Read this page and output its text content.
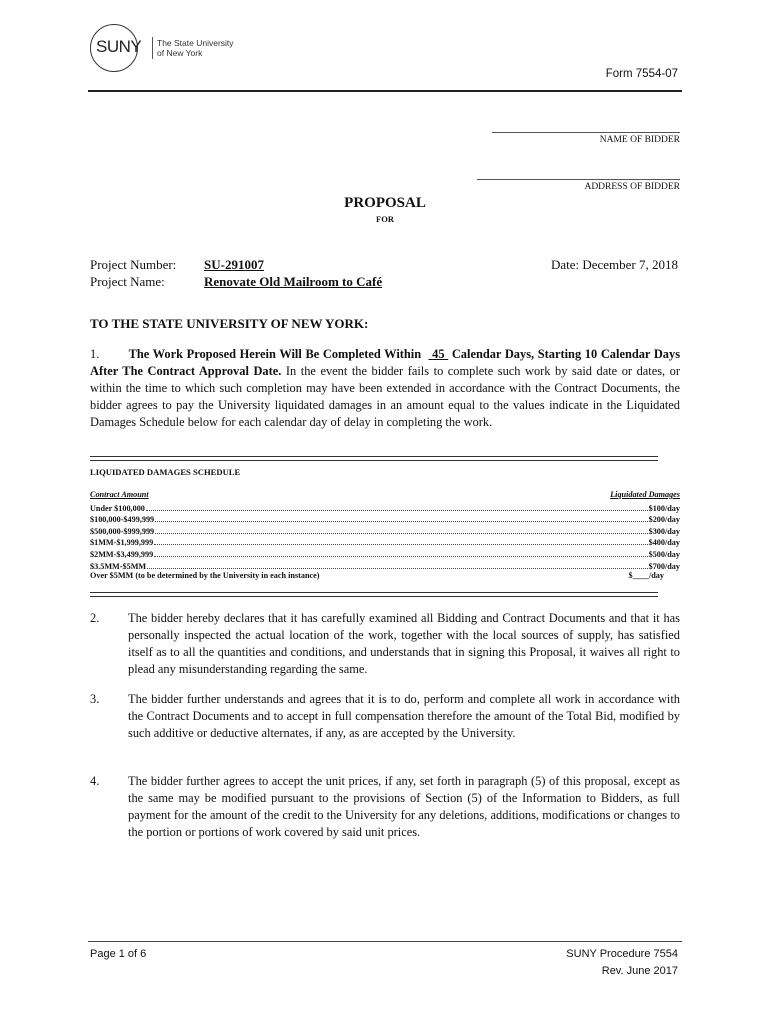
SUNY The State University
of New York
Form 7554-07
NAME OF BIDDER
ADDRESS OF BIDDER
PROPOSAL
FOR
Project Number: SU-291007	Date: December 7, 2018
Project Name:	Renovate Old Mailroom to Café
TO THE STATE UNIVERSITY OF NEW YORK:
1. The Work Proposed Herein Will Be Completed Within 45 Calendar Days, Starting 10 Calendar Days After The Contract Approval Date. In the event the bidder fails to complete such work by said date or dates, or within the time to which such completion may have been extended in accordance with the Contract Documents, the bidder agrees to pay the University liquidated damages in an amount equal to the values indicate in the Liquidated Damages Schedule below for each calendar day of delay in completing the work.
LIQUIDATED DAMAGES SCHEDULE
Contract Amount	Liquidated Damages
Under $100,000	$100/day
$100,000-$499,999	$200/day
$500,000-$999,999	$300/day
$1MM-$1,999,999	$400/day
$2MM-$3,499,999	$500/day
$3.5MM-$5MM	$700/day
Over $5MM (to be determined by the University in each instance)	$____/day
2. The bidder hereby declares that it has carefully examined all Bidding and Contract Documents and that it has personally inspected the actual location of the work, together with the local sources of supply, has satisfied itself as to all the quantities and conditions, and understands that in signing this Proposal, it waives all right to plead any misunderstanding regarding the same.
3. The bidder further understands and agrees that it is to do, perform and complete all work in accordance with the Contract Documents and to accept in full compensation therefore the amount of the Total Bid, modified by such additive or deductive alternates, if any, as are accepted by the University.
4. The bidder further agrees to accept the unit prices, if any, set forth in paragraph (5) of this proposal, except as the same may be modified pursuant to the provisions of Section (5) of the Information to Bidders, as full payment for the amount of the credit to the University for any deletions, additions, modifications or changes to the portion or portions of work covered by said unit prices.
Page 1 of 6	SUNY Procedure 7554
Rev. June 2017
